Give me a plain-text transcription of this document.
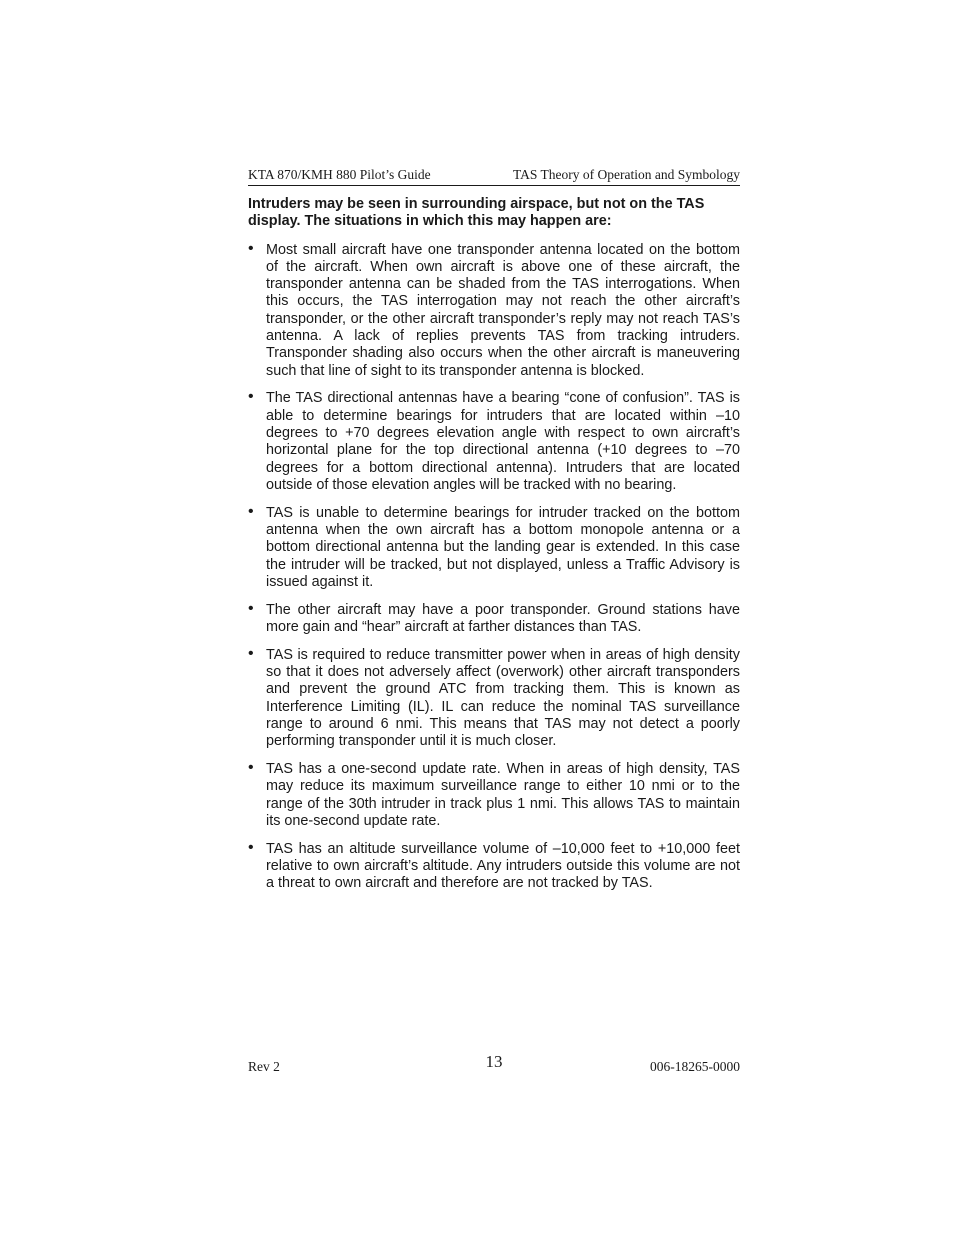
KTA 870/KMH 880 Pilot’s Guide	TAS Theory of Operation and Symbology

Intruders may be seen in surrounding airspace, but not on the TAS display. The situations in which this may happen are:

• Most small aircraft have one transponder antenna located on the bottom of the aircraft. When own aircraft is above one of these aircraft, the transponder antenna can be shaded from the TAS interrogations. When this occurs, the TAS interrogation may not reach the other aircraft’s transponder, or the other aircraft transponder’s reply may not reach TAS’s antenna. A lack of replies prevents TAS from tracking intruders. Transponder shading also occurs when the other aircraft is maneuvering such that line of sight to its transponder antenna is blocked.
• The TAS directional antennas have a bearing “cone of confusion”. TAS is able to determine bearings for intruders that are located within –10 degrees to +70 degrees elevation angle with respect to own aircraft’s horizontal plane for the top directional antenna (+10 degrees to –70 degrees for a bottom directional antenna). Intruders that are located outside of those elevation angles will be tracked with no bearing.
• TAS is unable to determine bearings for intruder tracked on the bottom antenna when the own aircraft has a bottom monopole antenna or a bottom directional antenna but the landing gear is extended. In this case the intruder will be tracked, but not displayed, unless a Traffic Advisory is issued against it.
• The other aircraft may have a poor transponder. Ground stations have more gain and “hear” aircraft at farther distances than TAS.
• TAS is required to reduce transmitter power when in areas of high density so that it does not adversely affect (overwork) other aircraft transponders and prevent the ground ATC from tracking them. This is known as Interference Limiting (IL). IL can reduce the nominal TAS surveillance range to around 6 nmi. This means that TAS may not detect a poorly performing transponder until it is much closer.
• TAS has a one-second update rate. When in areas of high density, TAS may reduce its maximum surveillance range to either 10 nmi or to the range of the 30th intruder in track plus 1 nmi. This allows TAS to maintain its one-second update rate.
• TAS has an altitude surveillance volume of –10,000 feet to +10,000 feet relative to own aircraft’s altitude. Any intruders outside this volume are not a threat to own aircraft and therefore are not tracked by TAS.
Rev 2	13	006-18265-0000
